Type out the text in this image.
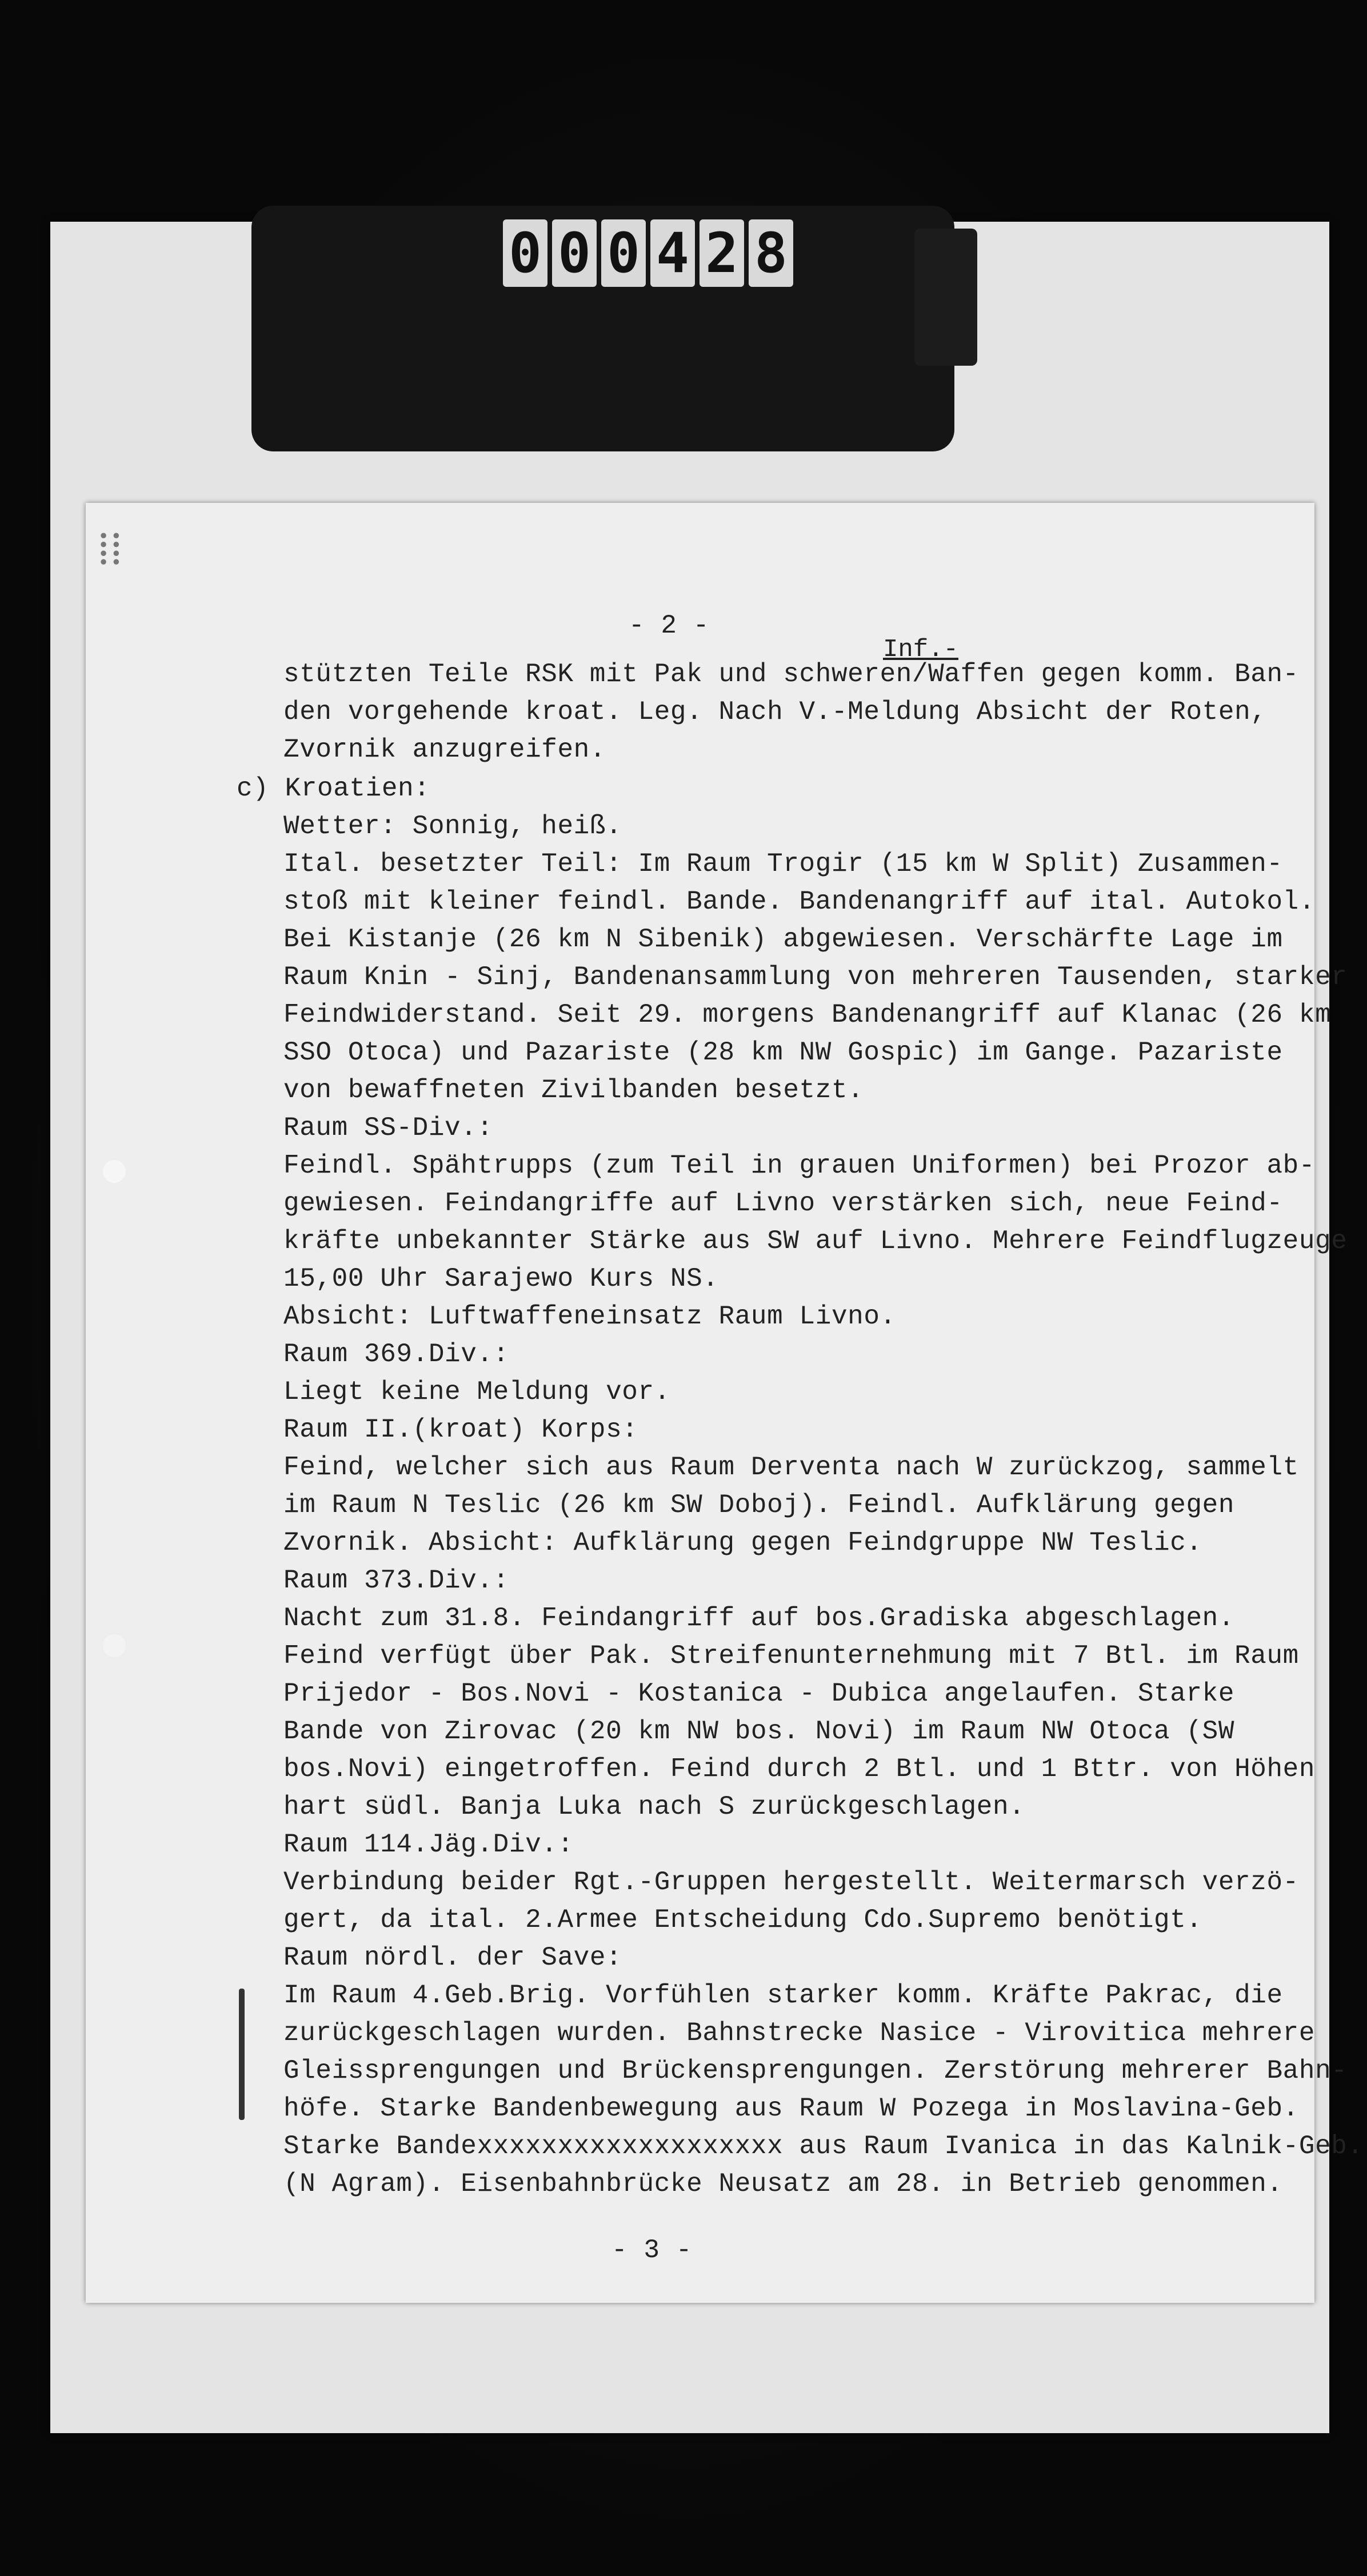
0 0 0 4 2 8
⁞⁞
- 2 -
Inf.-
stützten Teile RSK mit Pak und schweren/Waffen gegen komm. Ban-
den vorgehende kroat. Leg. Nach V.-Meldung Absicht der Roten,
Zvornik anzugreifen.
c) Kroatien:
Wetter: Sonnig, heiß.
Ital. besetzter Teil: Im Raum Trogir (15 km W Split) Zusammen-
stoß mit kleiner feindl. Bande. Bandenangriff auf ital. Autokol.
Bei Kistanje (26 km N Sibenik) abgewiesen. Verschärfte Lage im
Raum Knin - Sinj, Bandenansammlung von mehreren Tausenden, starker
Feindwiderstand. Seit 29. morgens Bandenangriff auf Klanac (26 km
SSO Otoca) und Pazariste (28 km NW Gospic) im Gange. Pazariste
von bewaffneten Zivilbanden besetzt.
Raum SS-Div.:
Feindl. Spähtrupps (zum Teil in grauen Uniformen) bei Prozor ab-
gewiesen. Feindangriffe auf Livno verstärken sich, neue Feind-
kräfte unbekannter Stärke aus SW auf Livno. Mehrere Feindflugzeuge
15,00 Uhr Sarajewo Kurs NS.
Absicht: Luftwaffeneinsatz Raum Livno.
Raum 369.Div.:
Liegt keine Meldung vor.
Raum II.(kroat) Korps:
Feind, welcher sich aus Raum Derventa nach W zurückzog, sammelt
im Raum N Teslic (26 km SW Doboj). Feindl. Aufklärung gegen
Zvornik. Absicht: Aufklärung gegen Feindgruppe NW Teslic.
Raum 373.Div.:
Nacht zum 31.8. Feindangriff auf bos.Gradiska abgeschlagen.
Feind verfügt über Pak. Streifenunternehmung mit 7 Btl. im Raum
Prijedor - Bos.Novi - Kostanica - Dubica angelaufen. Starke
Bande von Zirovac (20 km NW bos. Novi) im Raum NW Otoca (SW
bos.Novi) eingetroffen. Feind durch 2 Btl. und 1 Bttr. von Höhen
hart südl. Banja Luka nach S zurückgeschlagen.
Raum 114.Jäg.Div.:
Verbindung beider Rgt.-Gruppen hergestellt. Weitermarsch verzö-
gert, da ital. 2.Armee Entscheidung Cdo.Supremo benötigt.
Raum nördl. der Save:
Im Raum 4.Geb.Brig. Vorfühlen starker komm. Kräfte Pakrac, die
zurückgeschlagen wurden. Bahnstrecke Nasice - Virovitica mehrere
Gleissprengungen und Brückensprengungen. Zerstörung mehrerer Bahn-
höfe. Starke Bandenbewegung aus Raum W Pozega in Moslavina-Geb.
Starke Bandexxxxxxxxxxxxxxxxxxx aus Raum Ivanica in das Kalnik-Geb.
(N Agram). Eisenbahnbrücke Neusatz am 28. in Betrieb genommen.
- 3 -
